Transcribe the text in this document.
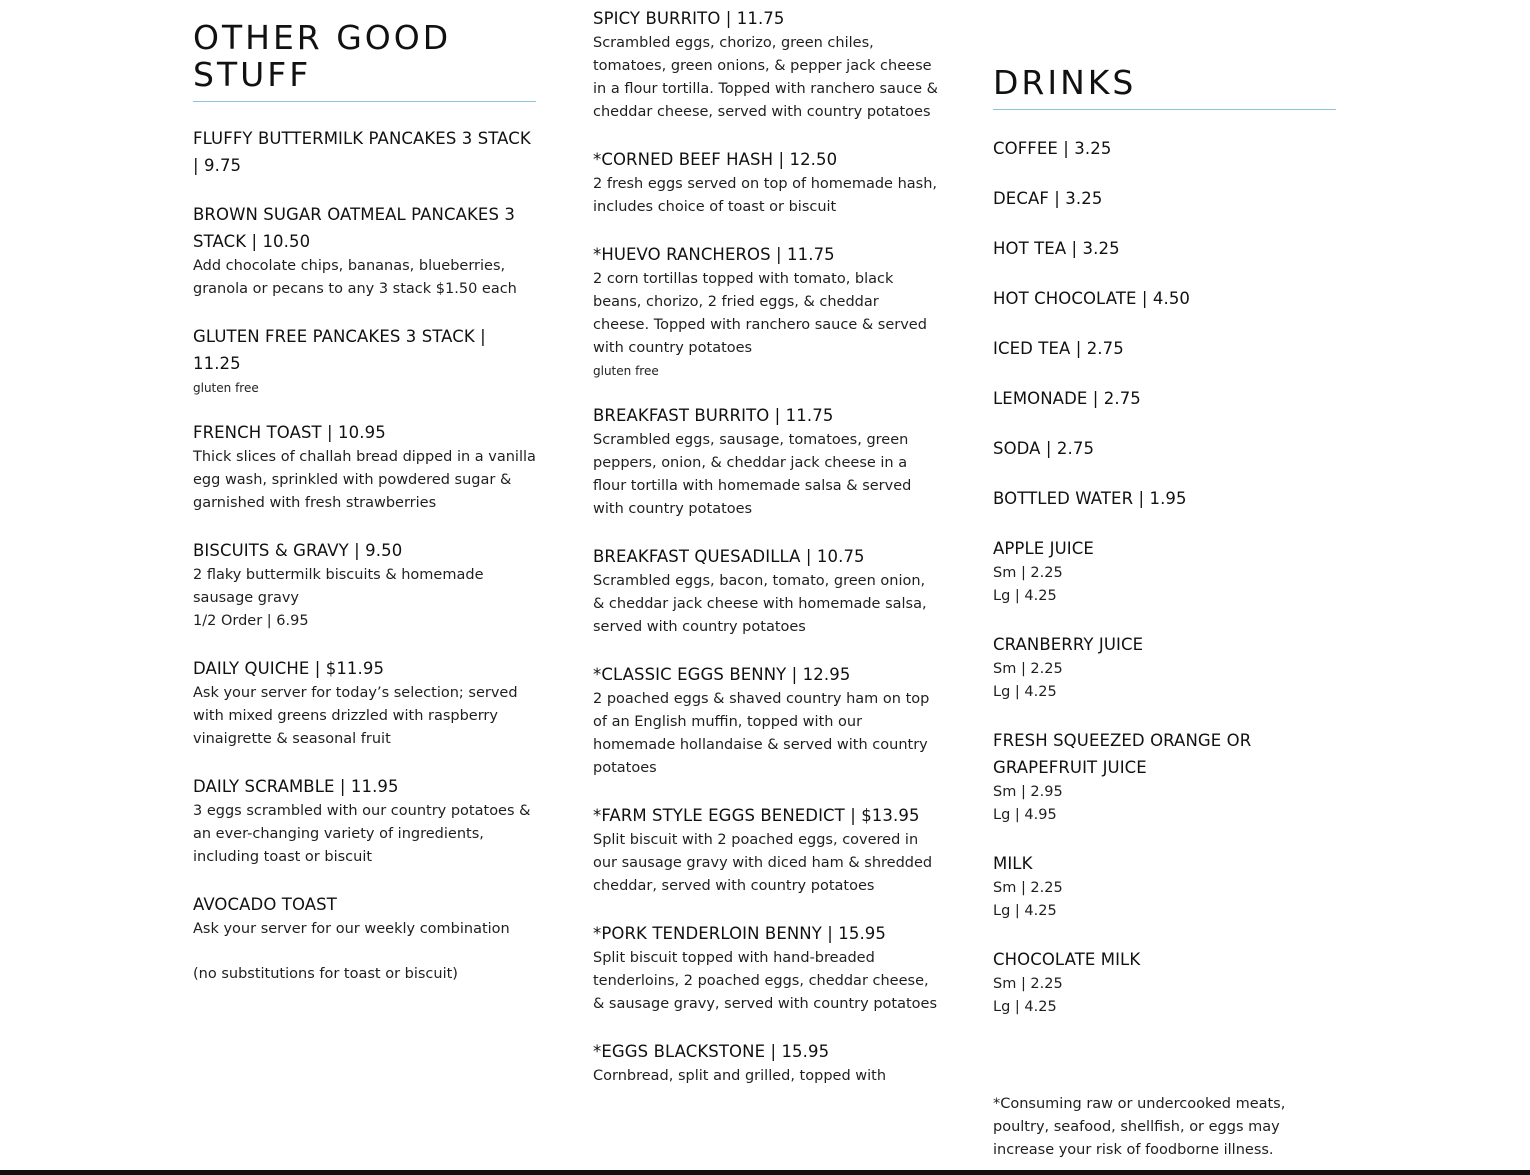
OTHER GOOD STUFF

FLUFFY BUTTERMILK PANCAKES 3 STACK | 9.75

BROWN SUGAR OATMEAL PANCAKES 3 STACK | 10.50

Add chocolate chips, bananas, blueberries, granola or pecans to any 3 stack $1.50 each

GLUTEN FREE PANCAKES 3 STACK | 11.25

gluten free

FRENCH TOAST | 10.95

Thick slices of challah bread dipped in a vanilla egg wash, sprinkled with powdered sugar & garnished with fresh strawberries

BISCUITS & GRAVY | 9.50

2 flaky buttermilk biscuits & homemade sausage gravy

1/2 Order | 6.95

DAILY QUICHE | $11.95

Ask your server for today’s selection; served with mixed greens drizzled with raspberry vinaigrette & seasonal fruit

DAILY SCRAMBLE | 11.95

3 eggs scrambled with our country potatoes & an ever-changing variety of ingredients, including toast or biscuit

AVOCADO TOAST

Ask your server for our weekly combination

(no substitutions for toast or biscuit)

SPICY BURRITO | 11.75

Scrambled eggs, chorizo, green chiles, tomatoes, green onions, & pepper jack cheese in a flour tortilla. Topped with ranchero sauce & cheddar cheese, served with country potatoes

*CORNED BEEF HASH | 12.50

2 fresh eggs served on top of homemade hash, includes choice of toast or biscuit

*HUEVO RANCHEROS | 11.75

2 corn tortillas topped with tomato, black beans, chorizo, 2 fried eggs, & cheddar cheese. Topped with ranchero sauce & served with country potatoes

gluten free

BREAKFAST BURRITO | 11.75

Scrambled eggs, sausage, tomatoes, green peppers, onion, & cheddar jack cheese in a flour tortilla with homemade salsa & served with country potatoes

BREAKFAST QUESADILLA | 10.75

Scrambled eggs, bacon, tomato, green onion, & cheddar jack cheese with homemade salsa, served with country potatoes

*CLASSIC EGGS BENNY | 12.95

2 poached eggs & shaved country ham on top of an English muffin, topped with our homemade hollandaise & served with country potatoes

*FARM STYLE EGGS BENEDICT | $13.95

Split biscuit with 2 poached eggs, covered in our sausage gravy with diced ham & shredded cheddar, served with country potatoes

*PORK TENDERLOIN BENNY | 15.95

Split biscuit topped with hand-breaded tenderloins, 2 poached eggs, cheddar cheese, & sausage gravy, served with country potatoes

*EGGS BLACKSTONE | 15.95

Cornbread, split and grilled, topped with

DRINKS

COFFEE | 3.25

DECAF | 3.25

HOT TEA | 3.25

HOT CHOCOLATE | 4.50

ICED TEA | 2.75

LEMONADE | 2.75

SODA | 2.75

BOTTLED WATER | 1.95

APPLE JUICE

Sm | 2.25

Lg | 4.25

CRANBERRY JUICE

Sm | 2.25

Lg | 4.25

FRESH SQUEEZED ORANGE OR GRAPEFRUIT JUICE

Sm | 2.95

Lg | 4.95

MILK

Sm | 2.25

Lg | 4.25

CHOCOLATE MILK

Sm | 2.25

Lg | 4.25

*Consuming raw or undercooked meats, poultry, seafood, shellfish, or eggs may increase your risk of foodborne illness.
